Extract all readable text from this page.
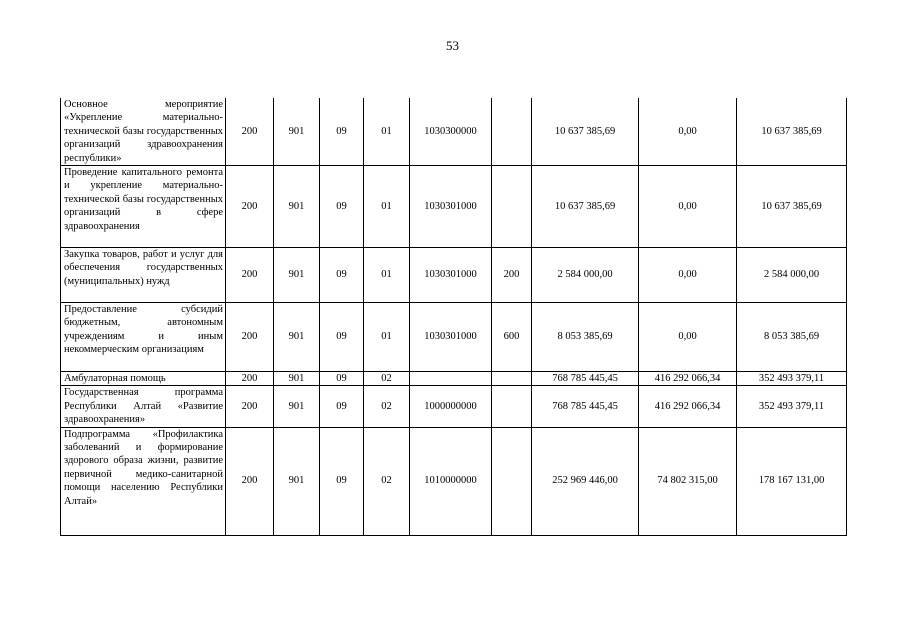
53
Основное мероприятие «Укрепление материально-технической базы государственных организаций здравоохранения республики»	200	901	09	01	1030300000		10 637 385,69	0,00	10 637 385,69
Проведение капитального ремонта и укрепление материально-технической базы государственных организаций в сфере здравоохранения	200	901	09	01	1030301000		10 637 385,69	0,00	10 637 385,69
Закупка товаров, работ и услуг для обеспечения государственных (муниципальных) нужд	200	901	09	01	1030301000	200	2 584 000,00	0,00	2 584 000,00
Предоставление субсидий бюджетным, автономным учреждениям и иным некоммерческим организациям	200	901	09	01	1030301000	600	8 053 385,69	0,00	8 053 385,69
Амбулаторная помощь	200	901	09	02			768 785 445,45	416 292 066,34	352 493 379,11
Государственная программа Республики Алтай «Развитие здравоохранения»	200	901	09	02	1000000000		768 785 445,45	416 292 066,34	352 493 379,11
Подпрограмма «Профилактика заболеваний и формирование здорового образа жизни, развитие первичной медико-санитарной помощи населению Республики Алтай»	200	901	09	02	1010000000		252 969 446,00	74 802 315,00	178 167 131,00
